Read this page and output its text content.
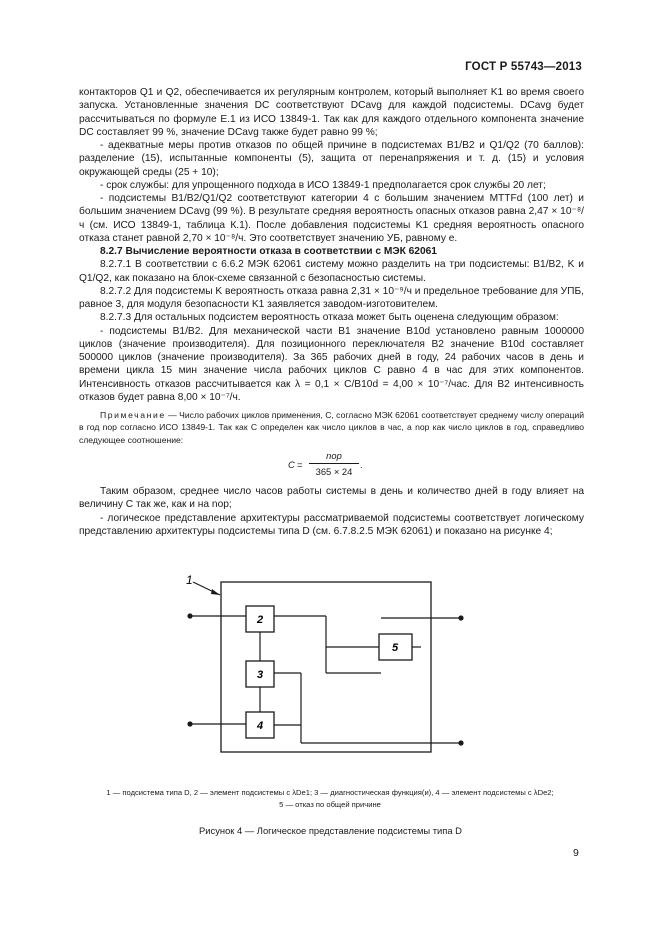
ГОСТ Р 55743—2013

контакторов Q1 и Q2, обеспечивается их регулярным контролем, который выполняет K1 во время своего запуска. Установленные значения DC соответствуют DCavg для каждой подсистемы. DCavg будет рассчитываться по формуле Е.1 из ИСО 13849-1. Так как для каждого отдельного компонента значение DC составляет 99 %, значение DCavg также будет равно 99 %;

- адекватные меры против отказов по общей причине в подсистемах B1/B2 и Q1/Q2 (70 баллов): разделение (15), испытанные компоненты (5), защита от перенапряжения и т. д. (15) и условия окружающей среды (25 + 10);

- срок службы: для упрощенного подхода в ИСО 13849-1 предполагается срок службы 20 лет;

- подсистемы B1/B2/Q1/Q2 соответствуют категории 4 с большим значением MTTFd (100 лет) и большим значением DCavg (99 %). В результате средняя вероятность опасных отказов равна 2,47 × 10⁻⁸/ч (см. ИСО 13849-1, таблица К.1). После добавления подсистемы K1 средняя вероятность опасного отказа станет равной 2,70 × 10⁻⁸/ч. Это соответствует значению УБ, равному e.

8.2.7 Вычисление вероятности отказа в соответствии с МЭК 62061

8.2.7.1 В соответствии с 6.6.2 МЭК 62061 систему можно разделить на три подсистемы: B1/B2, K и Q1/Q2, как показано на блок-схеме связанной с безопасностью системы.

8.2.7.2 Для подсистемы K вероятность отказа равна 2,31 × 10⁻⁹/ч и предельное требование для УПБ, равное 3, для модуля безопасности K1 заявляется заводом-изготовителем.

8.2.7.3 Для остальных подсистем вероятность отказа может быть оценена следующим образом:

- подсистемы B1/B2. Для механической части B1 значение B10d установлено равным 1000000 циклов (значение производителя). Для позиционного переключателя B2 значение B10d составляет 500000 циклов (значение производителя). За 365 рабочих дней в году, 24 рабочих часов в день и времени цикла 15 мин значение числа рабочих циклов C равно 4 в час для этих компонентов. Интенсивность отказов рассчитывается как λ = 0,1 × C/B10d = 4,00 × 10⁻⁷/час. Для B2 интенсивность отказов будет равна 8,00 × 10⁻⁷/ч.

Примечание — Число рабочих циклов применения, C, согласно МЭК 62061 соответствует среднему числу операций в год nop согласно ИСО 13849-1. Так как C определен как число циклов в час, а nop как число циклов в год, справедливо следующее соотношение:

C =
nop
365 × 24
.

Таким образом, среднее число часов работы системы в день и количество дней в году влияет на величину C так же, как и на nop;

- логическое представление архитектуры рассматриваемой подсистемы соответствует логическому представлению архитектуры подсистемы типа D (см. 6.7.8.2.5 МЭК 62061) и показано на рисунке 4;

1
2
3
4
5
1 — подсистема типа D, 2 — элемент подсистемы с λDe1; 3 — диагностическая функция(и), 4 — элемент подсистемы с λDe2;
5 — отказ по общей причине
Рисунок 4 — Логическое представление подсистемы типа D
9
